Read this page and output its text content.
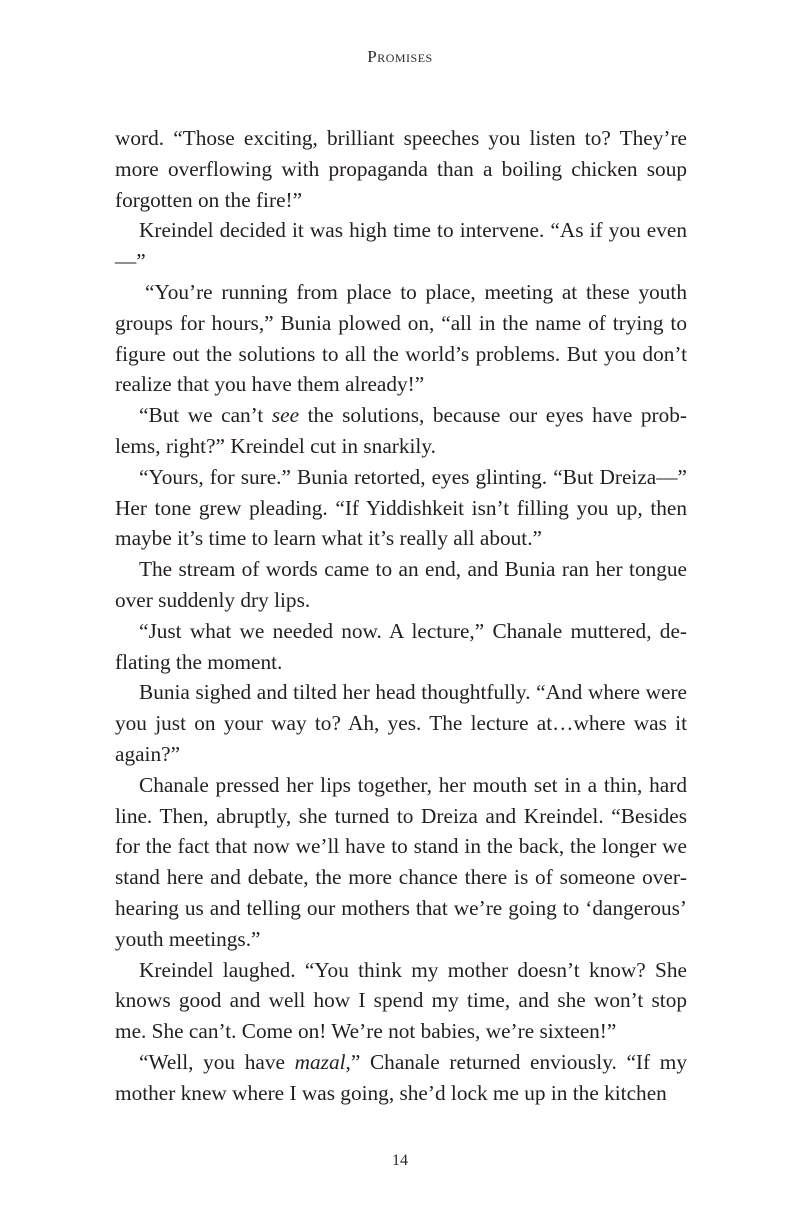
Promises

word. “Those exciting, brilliant speeches you listen to? They’re more overflowing with propaganda than a boiling chicken soup forgotten on the fire!”

Kreindel decided it was high time to intervene. “As if you even—”

“You’re running from place to place, meeting at these youth groups for hours,” Bunia plowed on, “all in the name of trying to figure out the solutions to all the world’s problems. But you don’t realize that you have them already!”

“But we can’t see the solutions, because our eyes have problems, right?” Kreindel cut in snarkily.

“Yours, for sure.” Bunia retorted, eyes glinting. “But Dreiza—” Her tone grew pleading. “If Yiddishkeit isn’t filling you up, then maybe it’s time to learn what it’s really all about.”

The stream of words came to an end, and Bunia ran her tongue over suddenly dry lips.

“Just what we needed now. A lecture,” Chanale muttered, deflating the moment.

Bunia sighed and tilted her head thoughtfully. “And where were you just on your way to? Ah, yes. The lecture at…where was it again?”

Chanale pressed her lips together, her mouth set in a thin, hard line. Then, abruptly, she turned to Dreiza and Kreindel. “Besides for the fact that now we’ll have to stand in the back, the longer we stand here and debate, the more chance there is of someone overhearing us and telling our mothers that we’re going to ‘dangerous’ youth meetings.”

Kreindel laughed. “You think my mother doesn’t know? She knows good and well how I spend my time, and she won’t stop me. She can’t. Come on! We’re not babies, we’re sixteen!”

“Well, you have mazal,” Chanale returned enviously. “If my mother knew where I was going, she’d lock me up in the kitchen

14
